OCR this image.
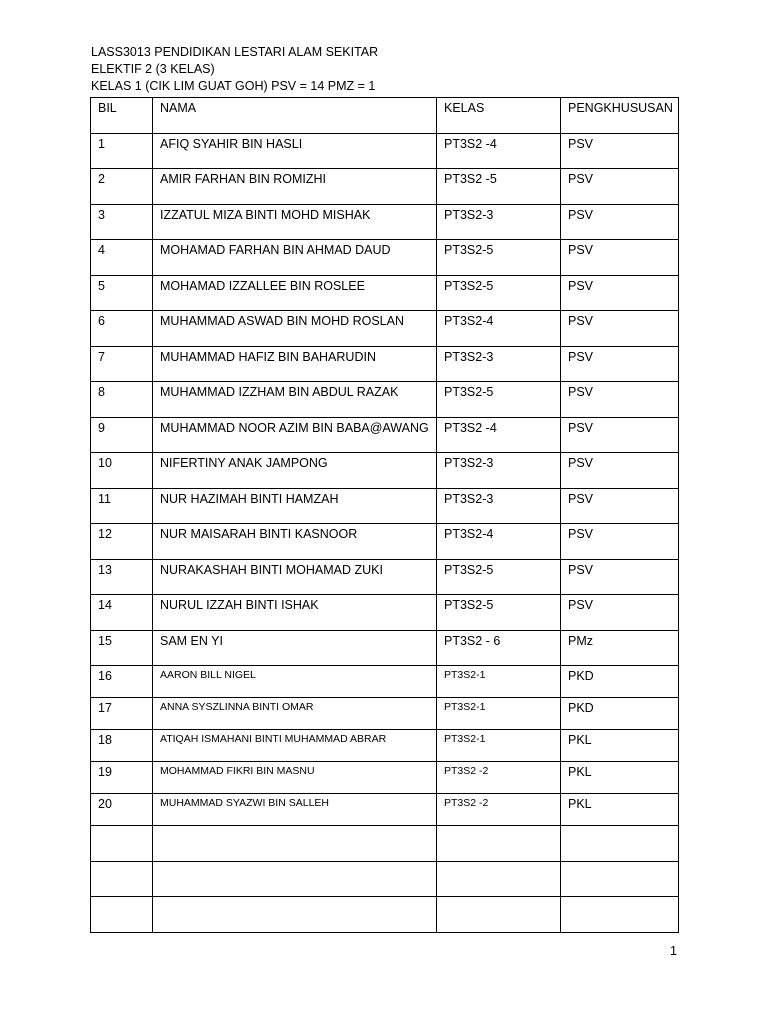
LASS3013 PENDIDIKAN LESTARI ALAM SEKITAR
ELEKTIF 2 (3 KELAS)
KELAS 1 (CIK LIM GUAT GOH) PSV = 14 PMZ = 1
BIL	NAMA	KELAS	PENGKHUSUSAN

1	AFIQ SYAHIR BIN HASLI	PT3S2 -4	PSV

2	AMIR FARHAN BIN ROMIZHI	PT3S2 -5	PSV

3	IZZATUL MIZA BINTI MOHD MISHAK	PT3S2-3	PSV

4	MOHAMAD FARHAN BIN AHMAD DAUD	PT3S2-5	PSV

5	MOHAMAD IZZALLEE BIN ROSLEE	PT3S2-5	PSV

6	MUHAMMAD ASWAD BIN MOHD ROSLAN	PT3S2-4	PSV

7	MUHAMMAD HAFIZ BIN BAHARUDIN	PT3S2-3	PSV

8	MUHAMMAD IZZHAM BIN ABDUL RAZAK	PT3S2-5	PSV

9	MUHAMMAD NOOR AZIM BIN BABA@AWANG	PT3S2 -4	PSV

10	NIFERTINY ANAK JAMPONG	PT3S2-3	PSV

11	NUR HAZIMAH BINTI HAMZAH	PT3S2-3	PSV

12	NUR MAISARAH BINTI KASNOOR	PT3S2-4	PSV

13	NURAKASHAH BINTI MOHAMAD ZUKI	PT3S2-5	PSV

14	NURUL IZZAH BINTI ISHAK	PT3S2-5	PSV

15	SAM EN YI	PT3S2 - 6	PMz

16	AARON BILL NIGEL	PT3S2-1	PKD

17	ANNA SYSZLINNA BINTI OMAR	PT3S2-1	PKD

18	ATIQAH ISMAHANI BINTI MUHAMMAD ABRAR	PT3S2-1	PKL

19	MOHAMMAD FIKRI BIN MASNU	PT3S2 -2	PKL

20	MUHAMMAD SYAZWI BIN SALLEH	PT3S2 -2	PKL

1
